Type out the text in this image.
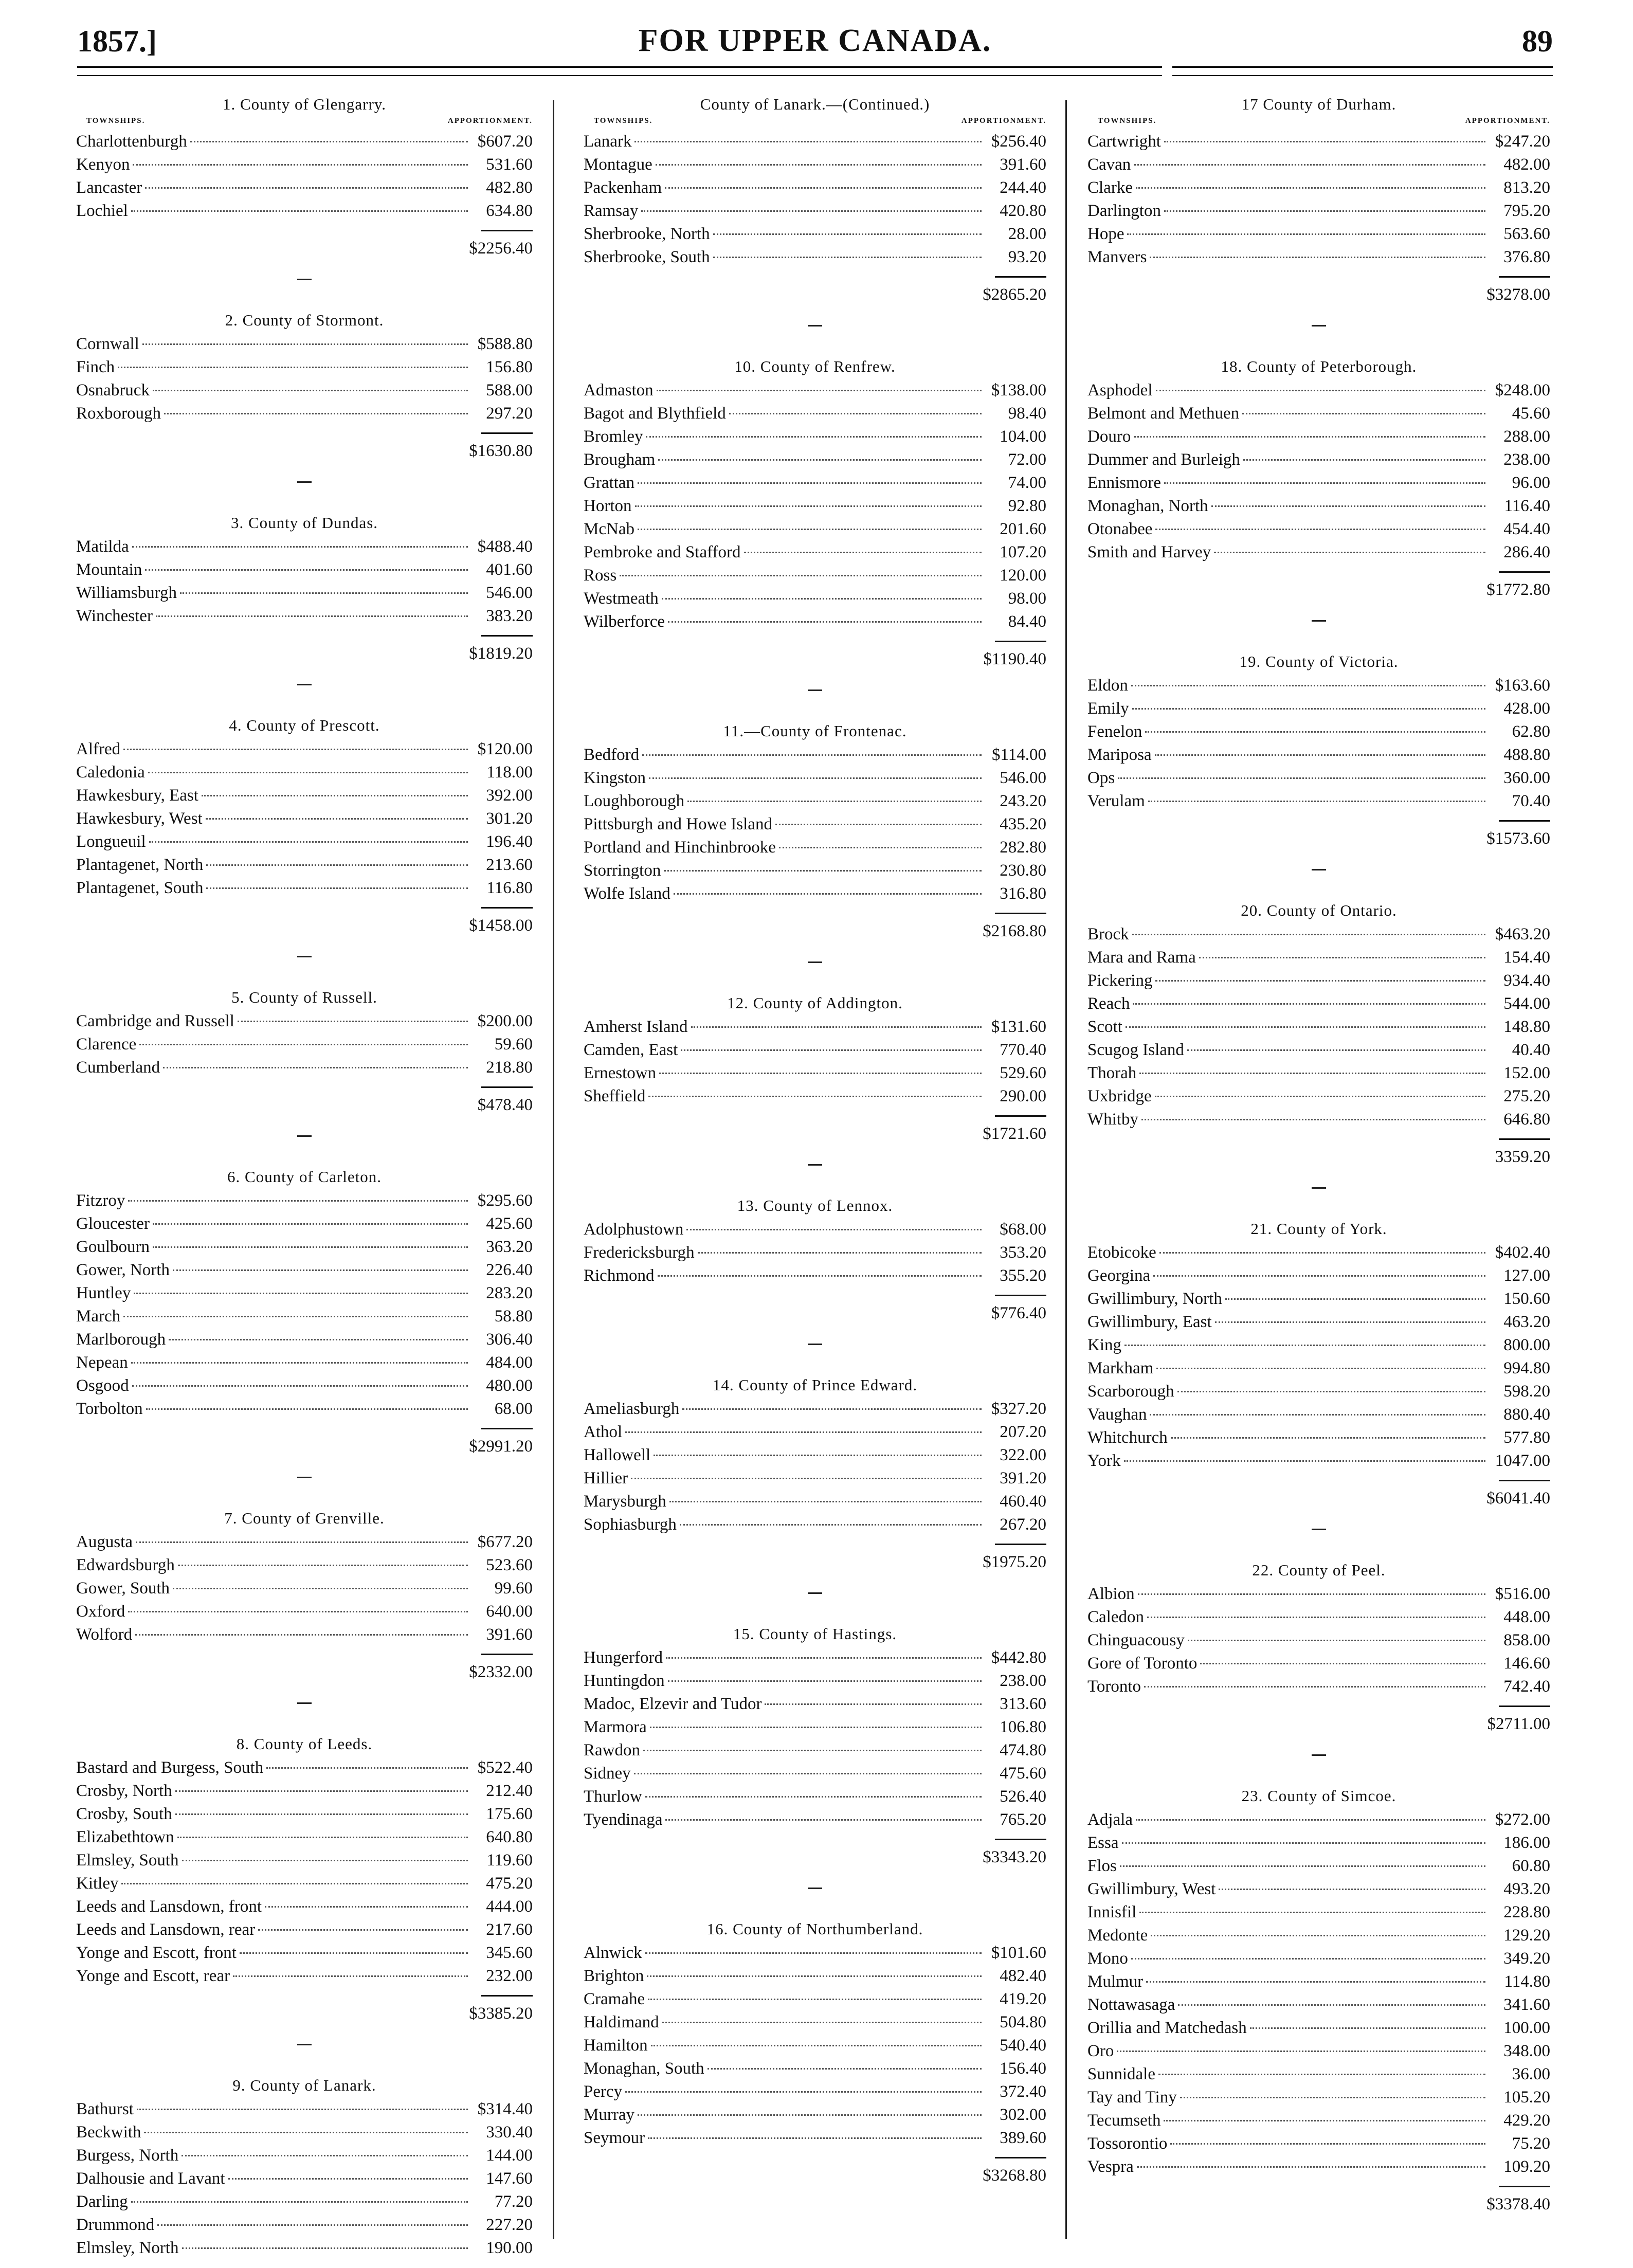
1857.]	FOR UPPER CANADA.	89
1. County of Glengarry.
TOWNSHIPS.	APPORTIONMENT.
Charlottenburgh	$607.20
Kenyon	531.60
Lancaster	482.80
Lochiel	634.80
$2256.40
2. County of Stormont.
Cornwall	$588.80
Finch	156.80
Osnabruck	588.00
Roxborough	297.20
$1630.80
3. County of Dundas.
Matilda	$488.40
Mountain	401.60
Williamsburgh	546.00
Winchester	383.20
$1819.20
4. County of Prescott.
Alfred	$120.00
Caledonia	118.00
Hawkesbury, East	392.00
Hawkesbury, West	301.20
Longueuil	196.40
Plantagenet, North	213.60
Plantagenet, South	116.80
$1458.00
5. County of Russell.
Cambridge and Russell	$200.00
Clarence	59.60
Cumberland	218.80
$478.40
6. County of Carleton.
Fitzroy	$295.60
Gloucester	425.60
Goulbourn	363.20
Gower, North	226.40
Huntley	283.20
March	58.80
Marlborough	306.40
Nepean	484.00
Osgood	480.00
Torbolton	68.00
$2991.20
7. County of Grenville.
Augusta	$677.20
Edwardsburgh	523.60
Gower, South	99.60
Oxford	640.00
Wolford	391.60
$2332.00
8. County of Leeds.
Bastard and Burgess, South	$522.40
Crosby, North	212.40
Crosby, South	175.60
Elizabethtown	640.80
Elmsley, South	119.60
Kitley	475.20
Leeds and Lansdown, front	444.00
Leeds and Lansdown, rear	217.60
Yonge and Escott, front	345.60
Yonge and Escott, rear	232.00
$3385.20
9. County of Lanark.
Bathurst	$314.40
Beckwith	330.40
Burgess, North	144.00
Dalhousie and Lavant	147.60
Darling	77.20
Drummond	227.20
Elmsley, North	190.00
County of Lanark.—(Continued.)
TOWNSHIPS.	APPORTIONMENT.
Lanark	$256.40
Montague	391.60
Packenham	244.40
Ramsay	420.80
Sherbrooke, North	28.00
Sherbrooke, South	93.20
$2865.20
10. County of Renfrew.
Admaston	$138.00
Bagot and Blythfield	98.40
Bromley	104.00
Brougham	72.00
Grattan	74.00
Horton	92.80
McNab	201.60
Pembroke and Stafford	107.20
Ross	120.00
Westmeath	98.00
Wilberforce	84.40
$1190.40
11.—County of Frontenac.
Bedford	$114.00
Kingston	546.00
Loughborough	243.20
Pittsburgh and Howe Island	435.20
Portland and Hinchinbrooke	282.80
Storrington	230.80
Wolfe Island	316.80
$2168.80
12. County of Addington.
Amherst Island	$131.60
Camden, East	770.40
Ernestown	529.60
Sheffield	290.00
$1721.60
13. County of Lennox.
Adolphustown	$68.00
Fredericksburgh	353.20
Richmond	355.20
$776.40
14. County of Prince Edward.
Ameliasburgh	$327.20
Athol	207.20
Hallowell	322.00
Hillier	391.20
Marysburgh	460.40
Sophiasburgh	267.20
$1975.20
15. County of Hastings.
Hungerford	$442.80
Huntingdon	238.00
Madoc, Elzevir and Tudor	313.60
Marmora	106.80
Rawdon	474.80
Sidney	475.60
Thurlow	526.40
Tyendinaga	765.20
$3343.20
16. County of Northumberland.
Alnwick	$101.60
Brighton	482.40
Cramahe	419.20
Haldimand	504.80
Hamilton	540.40
Monaghan, South	156.40
Percy	372.40
Murray	302.00
Seymour	389.60
$3268.80
17 County of Durham.
TOWNSHIPS.	APPORTIONMENT.
Cartwright	$247.20
Cavan	482.00
Clarke	813.20
Darlington	795.20
Hope	563.60
Manvers	376.80
$3278.00
18. County of Peterborough.
Asphodel	$248.00
Belmont and Methuen	45.60
Douro	288.00
Dummer and Burleigh	238.00
Ennismore	96.00
Monaghan, North	116.40
Otonabee	454.40
Smith and Harvey	286.40
$1772.80
19. County of Victoria.
Eldon	$163.60
Emily	428.00
Fenelon	62.80
Mariposa	488.80
Ops	360.00
Verulam	70.40
$1573.60
20. County of Ontario.
Brock	$463.20
Mara and Rama	154.40
Pickering	934.40
Reach	544.00
Scott	148.80
Scugog Island	40.40
Thorah	152.00
Uxbridge	275.20
Whitby	646.80
3359.20
21. County of York.
Etobicoke	$402.40
Georgina	127.00
Gwillimbury, North	150.60
Gwillimbury, East	463.20
King	800.00
Markham	994.80
Scarborough	598.20
Vaughan	880.40
Whitchurch	577.80
York	1047.00
$6041.40
22. County of Peel.
Albion	$516.00
Caledon	448.00
Chinguacousy	858.00
Gore of Toronto	146.60
Toronto	742.40
$2711.00
23. County of Simcoe.
Adjala	$272.00
Essa	186.00
Flos	60.80
Gwillimbury, West	493.20
Innisfil	228.80
Medonte	129.20
Mono	349.20
Mulmur	114.80
Nottawasaga	341.60
Orillia and Matchedash	100.00
Oro	348.00
Sunnidale	36.00
Tay and Tiny	105.20
Tecumseth	429.20
Tossorontio	75.20
Vespra	109.20
$3378.40
